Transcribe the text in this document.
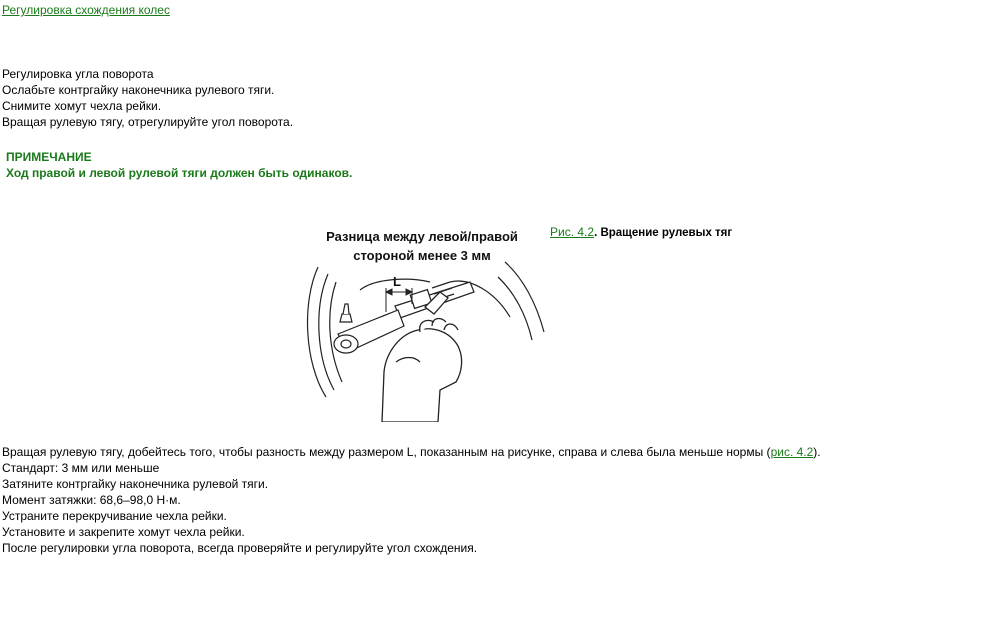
Регулировка схождения колес
Регулировка угла поворота
Ослабьте контргайку наконечника рулевого тяги.
Снимите хомут чехла рейки.
Вращая рулевую тягу, отрегулируйте угол поворота.
ПРИМЕЧАНИЕ
Ход правой и левой рулевой тяги должен быть одинаков.
Разница между левой/правой
стороной менее 3 мм
L
Рис. 4.2. Вращение рулевых тяг
Вращая рулевую тягу, добейтесь того, чтобы разность между размером L, показанным на рисунке, справа и слева была меньше нормы (рис. 4.2).
Стандарт: 3 мм или меньше
Затяните контргайку наконечника рулевой тяги.
Момент затяжки: 68,6–98,0 Н·м.
Устраните перекручивание чехла рейки.
Установите и закрепите хомут чехла рейки.
После регулировки угла поворота, всегда проверяйте и регулируйте угол схождения.
